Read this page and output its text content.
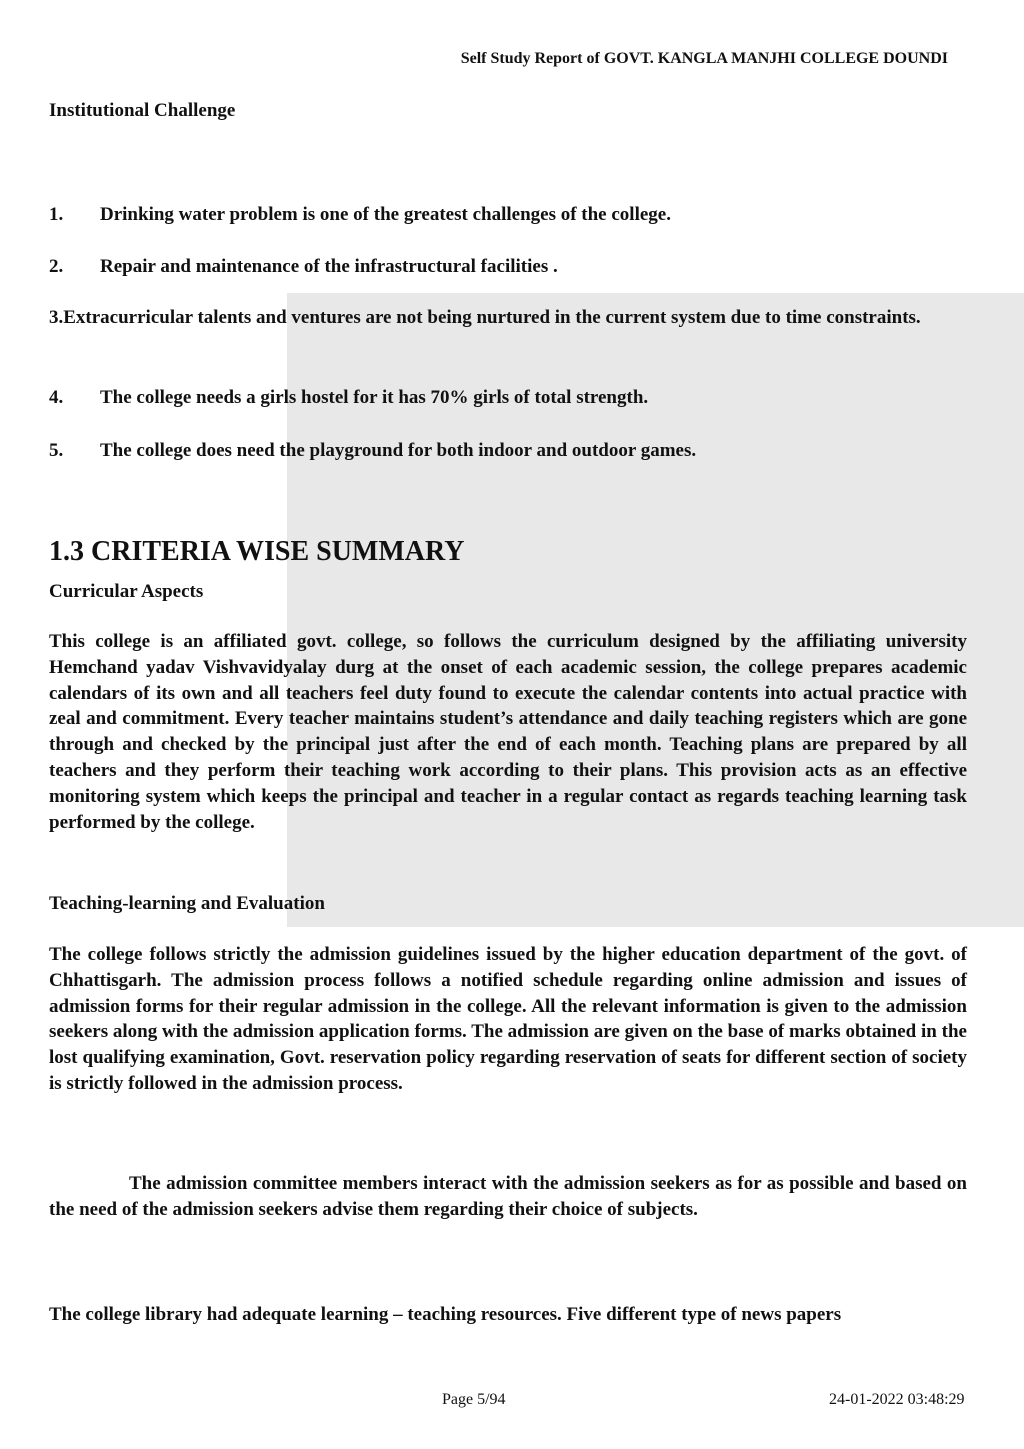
Self Study Report of GOVT. KANGLA MANJHI COLLEGE DOUNDI
Institutional Challenge
1. Drinking water problem is one of the greatest challenges of the college.
2. Repair and maintenance of the infrastructural facilities .
3.Extracurricular talents and ventures are not being nurtured in the current system due to time constraints.
4. The college needs a girls hostel for it has 70% girls of total strength.
5. The college does need the playground for both indoor and outdoor games.
1.3 CRITERIA WISE SUMMARY
Curricular Aspects
This college is an affiliated govt. college, so follows the curriculum designed by the affiliating university Hemchand yadav Vishvavidyalay durg at the onset of each academic session, the college prepares academic calendars of its own and all teachers feel duty found to execute the calendar contents into actual practice with zeal and commitment. Every teacher maintains student’s attendance and daily teaching registers which are gone through and checked by the principal just after the end of each month. Teaching plans are prepared by all teachers and they perform their teaching work according to their plans. This provision acts as an effective monitoring system which keeps the principal and teacher in a regular contact as regards teaching learning task performed by the college.
Teaching-learning and Evaluation
The college follows strictly the admission guidelines issued by the higher education department of the govt. of Chhattisgarh. The admission process follows a notified schedule regarding online admission and issues of admission forms for their regular admission in the college. All the relevant information is given to the admission seekers along with the admission application forms. The admission are given on the base of marks obtained in the lost qualifying examination, Govt. reservation policy regarding reservation of seats for different section of society is strictly followed in the admission process.
The admission committee members interact with the admission seekers as for as possible and based on the need of the admission seekers advise them regarding their choice of subjects.
The college library had adequate learning – teaching resources. Five different type of news papers
Page 5/94	24-01-2022 03:48:29
